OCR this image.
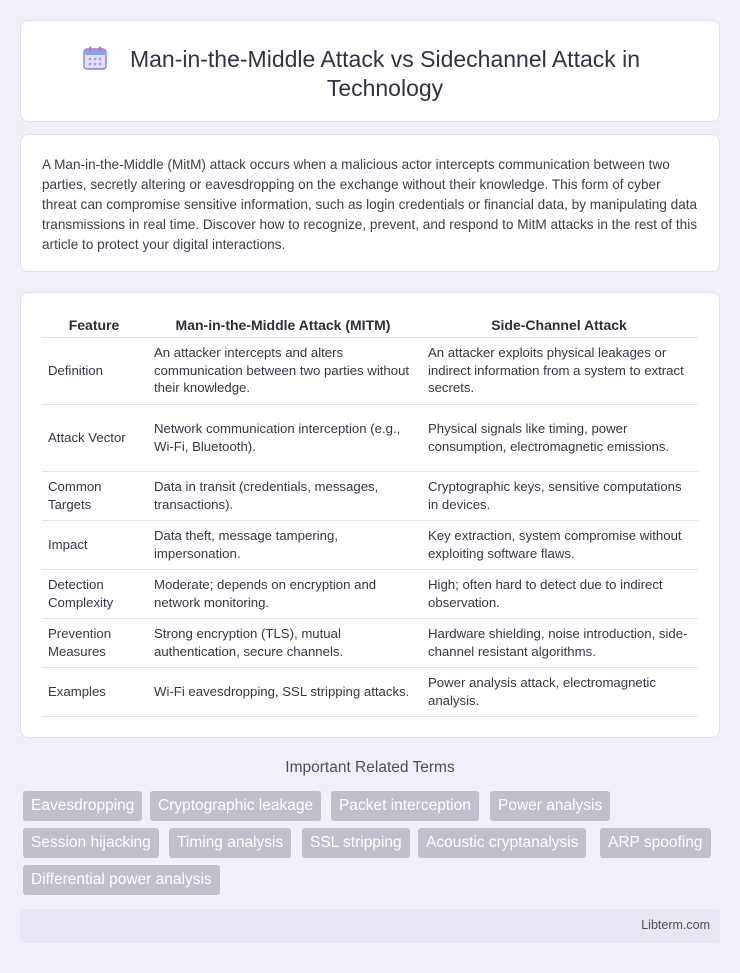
Man-in-the-Middle Attack vs Sidechannel Attack in Technology

A Man-in-the-Middle (MitM) attack occurs when a malicious actor intercepts communication between two parties, secretly altering or eavesdropping on the exchange without their knowledge. This form of cyber threat can compromise sensitive information, such as login credentials or financial data, by manipulating data transmissions in real time. Discover how to recognize, prevent, and respond to MitM attacks in the rest of this article to protect your digital interactions.

Feature	Man-in-the-Middle Attack (MITM)	Side-Channel Attack
Definition	An attacker intercepts and alters communication between two parties without their knowledge.	An attacker exploits physical leakages or indirect information from a system to extract secrets.
Attack Vector	Network communication interception (e.g., Wi-Fi, Bluetooth).	Physical signals like timing, power consumption, electromagnetic emissions.
Common Targets	Data in transit (credentials, messages, transactions).	Cryptographic keys, sensitive computations in devices.
Impact	Data theft, message tampering, impersonation.	Key extraction, system compromise without exploiting software flaws.
Detection Complexity	Moderate; depends on encryption and network monitoring.	High; often hard to detect due to indirect observation.
Prevention Measures	Strong encryption (TLS), mutual authentication, secure channels.	Hardware shielding, noise introduction, side-channel resistant algorithms.
Examples	Wi-Fi eavesdropping, SSL stripping attacks.	Power analysis attack, electromagnetic analysis.
Important Related Terms
Eavesdropping	Cryptographic leakage	Packet interception	Power analysis
Session hijacking	Timing analysis	SSL stripping	Acoustic cryptanalysis	ARP spoofing
Differential power analysis
Libterm.com
